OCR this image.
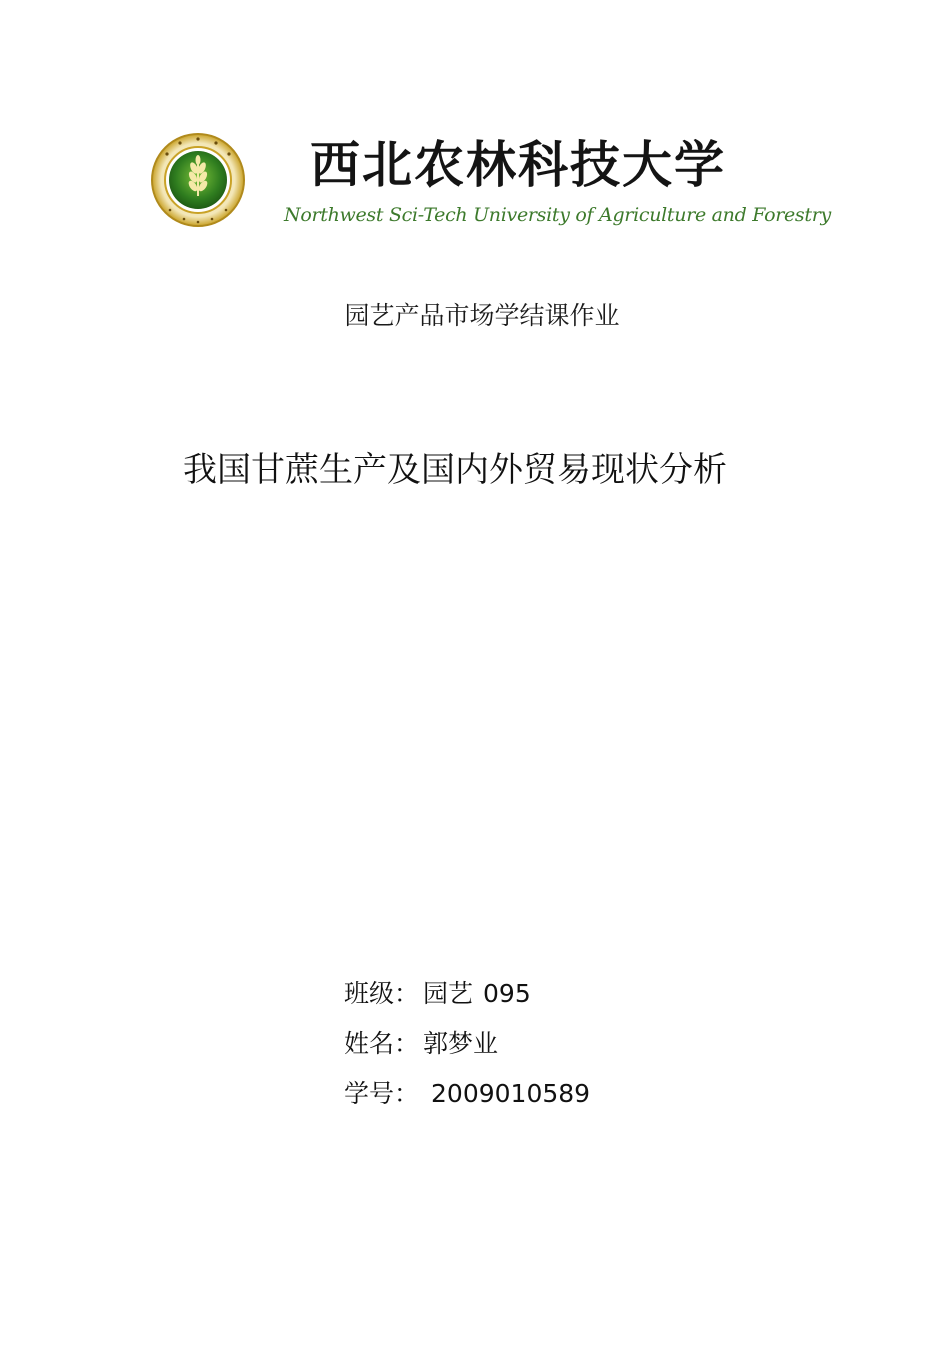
西北农林科技大学
Northwest Sci-Tech University of Agriculture and Forestry
园艺产品市场学结课作业
我国甘蔗生产及国内外贸易现状分析
班级： 园艺 095
姓名： 郭梦业
学号： 2009010589
